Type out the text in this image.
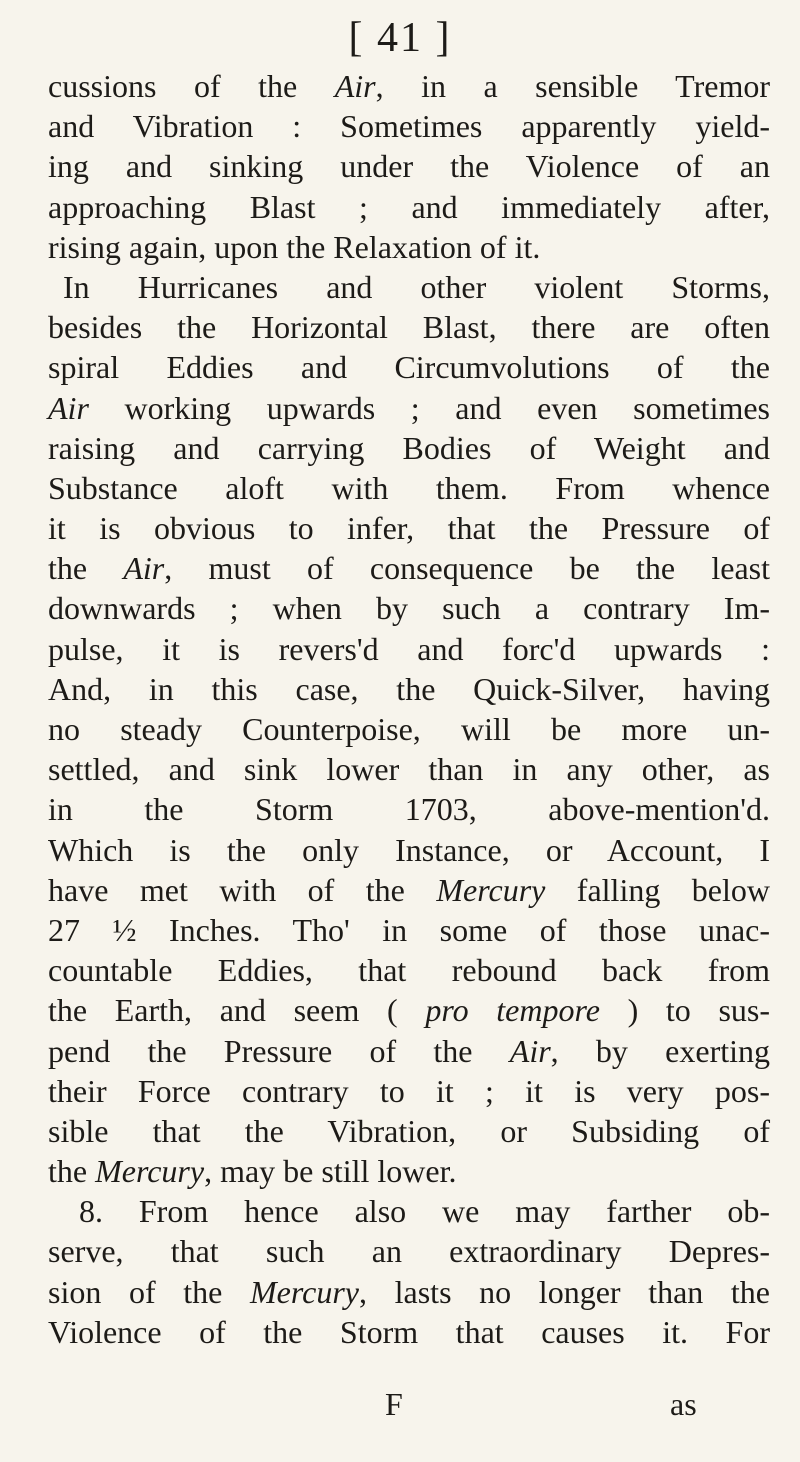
[ 41 ]
cussions of the Air, in a sensible Tremor
and Vibration : Sometimes apparently yield-
ing and sinking under the Violence of an
approaching Blast ; and immediately after,
rising again, upon the Relaxation of it.
In Hurricanes and other violent Storms,
besides the Horizontal Blast, there are often
spiral Eddies and Circumvolutions of the
Air working upwards ; and even sometimes
raising and carrying Bodies of Weight and
Substance aloft with them. From whence
it is obvious to infer, that the Pressure of
the Air, must of consequence be the least
downwards ; when by such a contrary Im-
pulse, it is revers'd and forc'd upwards :
And, in this case, the Quick-Silver, having
no steady Counterpoise, will be more un-
settled, and sink lower than in any other, as
in the Storm 1703, above-mention'd.
Which is the only Instance, or Account, I
have met with of the Mercury falling below
27 ½ Inches. Tho' in some of those unac-
countable Eddies, that rebound back from
the Earth, and seem ( pro tempore ) to sus-
pend the Pressure of the Air, by exerting
their Force contrary to it ; it is very pos-
sible that the Vibration, or Subsiding of
the Mercury, may be still lower.
8. From hence also we may farther ob-
serve, that such an extraordinary Depres-
sion of the Mercury, lasts no longer than the
Violence of the Storm that causes it. For
F	as
